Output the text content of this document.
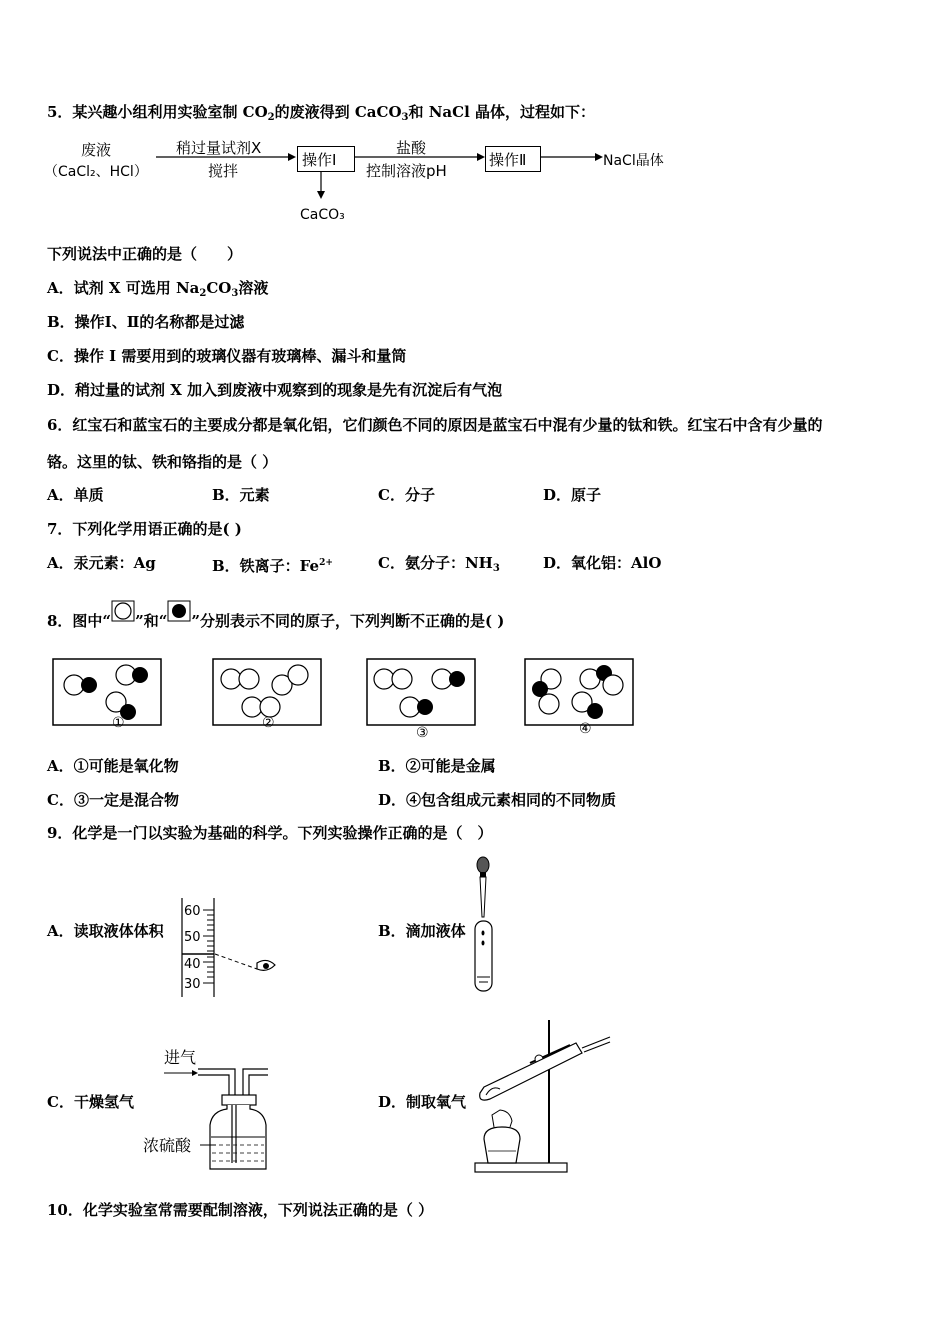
5．某兴趣小组利用实验室制 $CO_2$的废液得到 CaCO$_3$和 NaCl 晶体，过程如下：
废液
（CaCl₂、HCl）
稍过量试剂X
搅拌
操作Ⅰ
CaCO₃
盐酸
控制溶液pH
操作Ⅱ	NaCl晶体
下列说法中正确的是（　　）
A．试剂 X 可选用 $Na_2CO_3$溶液
B．操作Ⅰ、Ⅱ的名称都是过滤
C．操作 I 需要用到的玻璃仪器有玻璃棒、漏斗和量筒
D．稍过量的试剂 X 加入到废液中观察到的现象是先有沉淀后有气泡
6．红宝石和蓝宝石的主要成分都是氧化铝，它们颜色不同的原因是蓝宝石中混有少量的钛和铁。红宝石中含有少量的
铬。这里的钛、铁和铬指的是（ ）
A．单质	B．元素	C．分子	D．原子
7．下列化学用语正确的是( )
A．汞元素：Ag	B．铁离子：$Fe^{2+}$	C．氨分子：$NH_3$	D．氧化铝：AlO
8．图中“ ”和“ ”分别表示不同的原子，下列判断不正确的是( )
①	②
③	④
A．①可能是氧化物	B．②可能是金属
C．③一定是混合物	D．④包含组成元素相同的不同物质
9．化学是一门以实验为基础的科学。下列实验操作正确的是（　）
A．读取液体体积
60
50
40
30
B．滴加液体
C．干燥氢气
进气
浓硫酸
D．制取氧气
10．化学实验室常需要配制溶液，下列说法正确的是（ ）
